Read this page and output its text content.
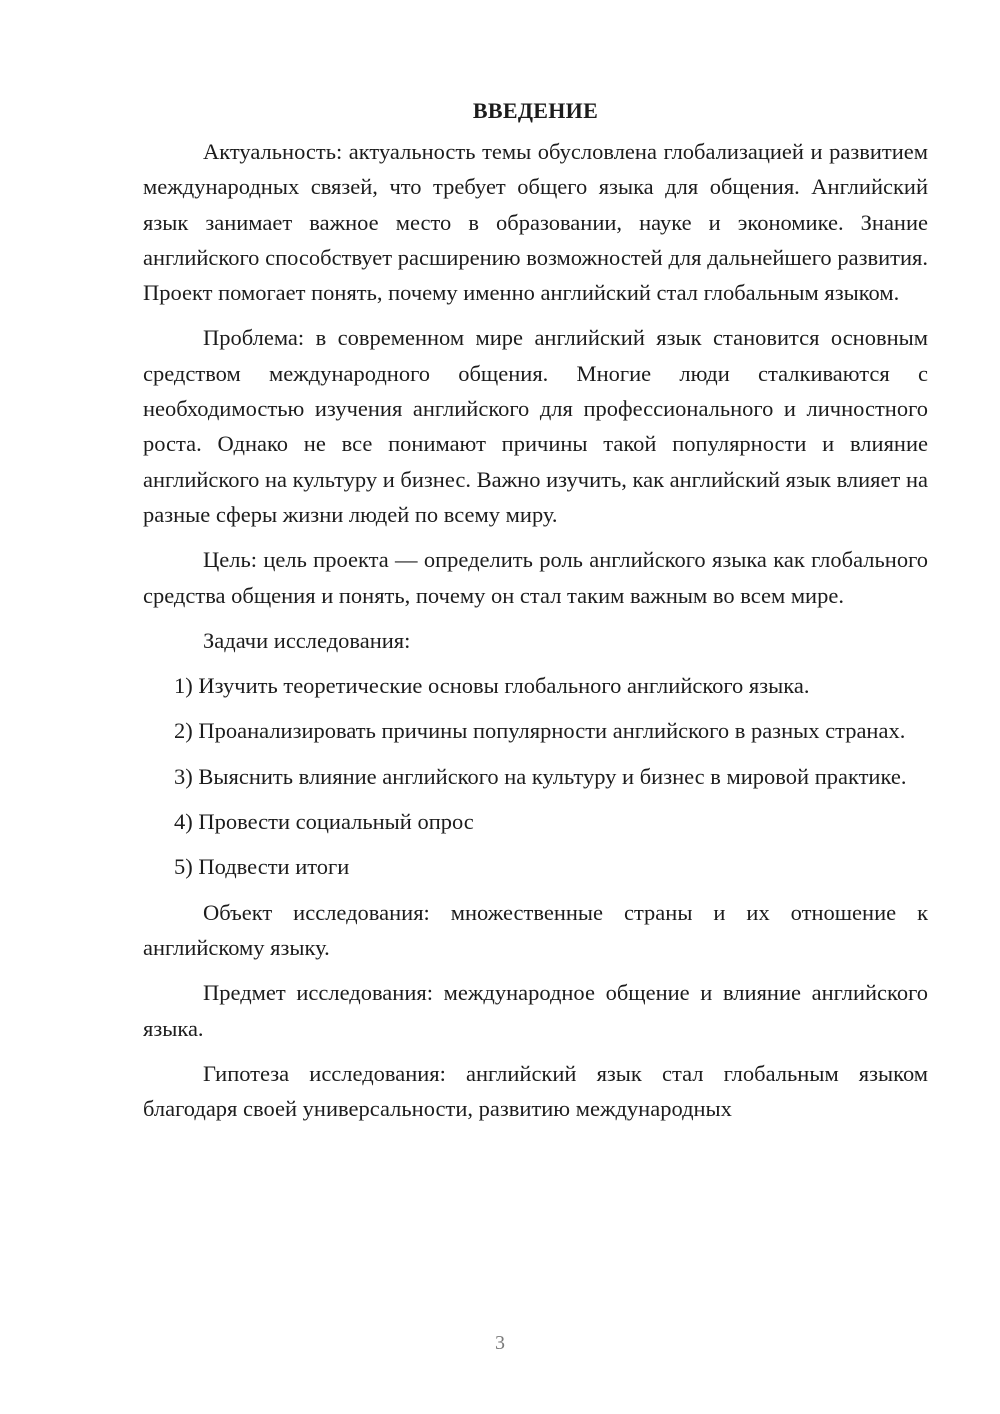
ВВЕДЕНИЕ

Актуальность: актуальность темы обусловлена глобализацией и развитием международных связей, что требует общего языка для общения. Английский язык занимает важное место в образовании, науке и экономике. Знание английского способствует расширению возможностей для дальнейшего развития. Проект помогает понять, почему именно английский стал глобальным языком.

Проблема: в современном мире английский язык становится основным средством международного общения. Многие люди сталкиваются с необходимостью изучения английского для профессионального и личностного роста. Однако не все понимают причины такой популярности и влияние английского на культуру и бизнес. Важно изучить, как английский язык влияет на разные сферы жизни людей по всему миру.

Цель: цель проекта — определить роль английского языка как глобального средства общения и понять, почему он стал таким важным во всем мире.

Задачи исследования:

1) Изучить теоретические основы глобального английского языка.

2) Проанализировать причины популярности английского в разных странах.

3) Выяснить влияние английского на культуру и бизнес в мировой практике.

4) Провести социальный опрос

5) Подвести итоги

Объект исследования: множественные страны и их отношение к английскому языку.

Предмет исследования: международное общение и влияние английского языка.

Гипотеза исследования: английский язык стал глобальным языком благодаря своей универсальности, развитию международных

3
